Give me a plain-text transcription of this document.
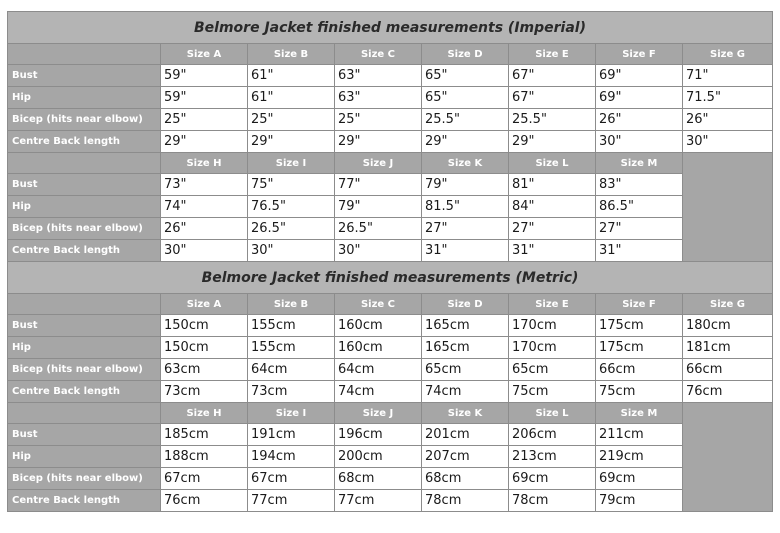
Belmore Jacket finished measurements (Imperial)							
	Size A	Size B	Size C	Size D	Size E	Size F	Size G
Bust	59"	61"	63"	65"	67"	69"	71"
Hip	59"	61"	63"	65"	67"	69"	71.5"
Bicep (hits near elbow)	25"	25"	25"	25.5"	25.5"	26"	26"
Centre Back length	29"	29"	29"	29"	29"	30"	30"
	Size H	Size I	Size J	Size K	Size L	Size M	
Bust	73"	75"	77"	79"	81"	83"	
Hip	74"	76.5"	79"	81.5"	84"	86.5"	
Bicep (hits near elbow)	26"	26.5"	26.5"	27"	27"	27"	
Centre Back length	30"	30"	30"	31"	31"	31"	
Belmore Jacket finished measurements (Metric)							
	Size A	Size B	Size C	Size D	Size E	Size F	Size G
Bust	150cm	155cm	160cm	165cm	170cm	175cm	180cm
Hip	150cm	155cm	160cm	165cm	170cm	175cm	181cm
Bicep (hits near elbow)	63cm	64cm	64cm	65cm	65cm	66cm	66cm
Centre Back length	73cm	73cm	74cm	74cm	75cm	75cm	76cm
	Size H	Size I	Size J	Size K	Size L	Size M	
Bust	185cm	191cm	196cm	201cm	206cm	211cm	
Hip	188cm	194cm	200cm	207cm	213cm	219cm	
Bicep (hits near elbow)	67cm	67cm	68cm	68cm	69cm	69cm	
Centre Back length	76cm	77cm	77cm	78cm	78cm	79cm	
